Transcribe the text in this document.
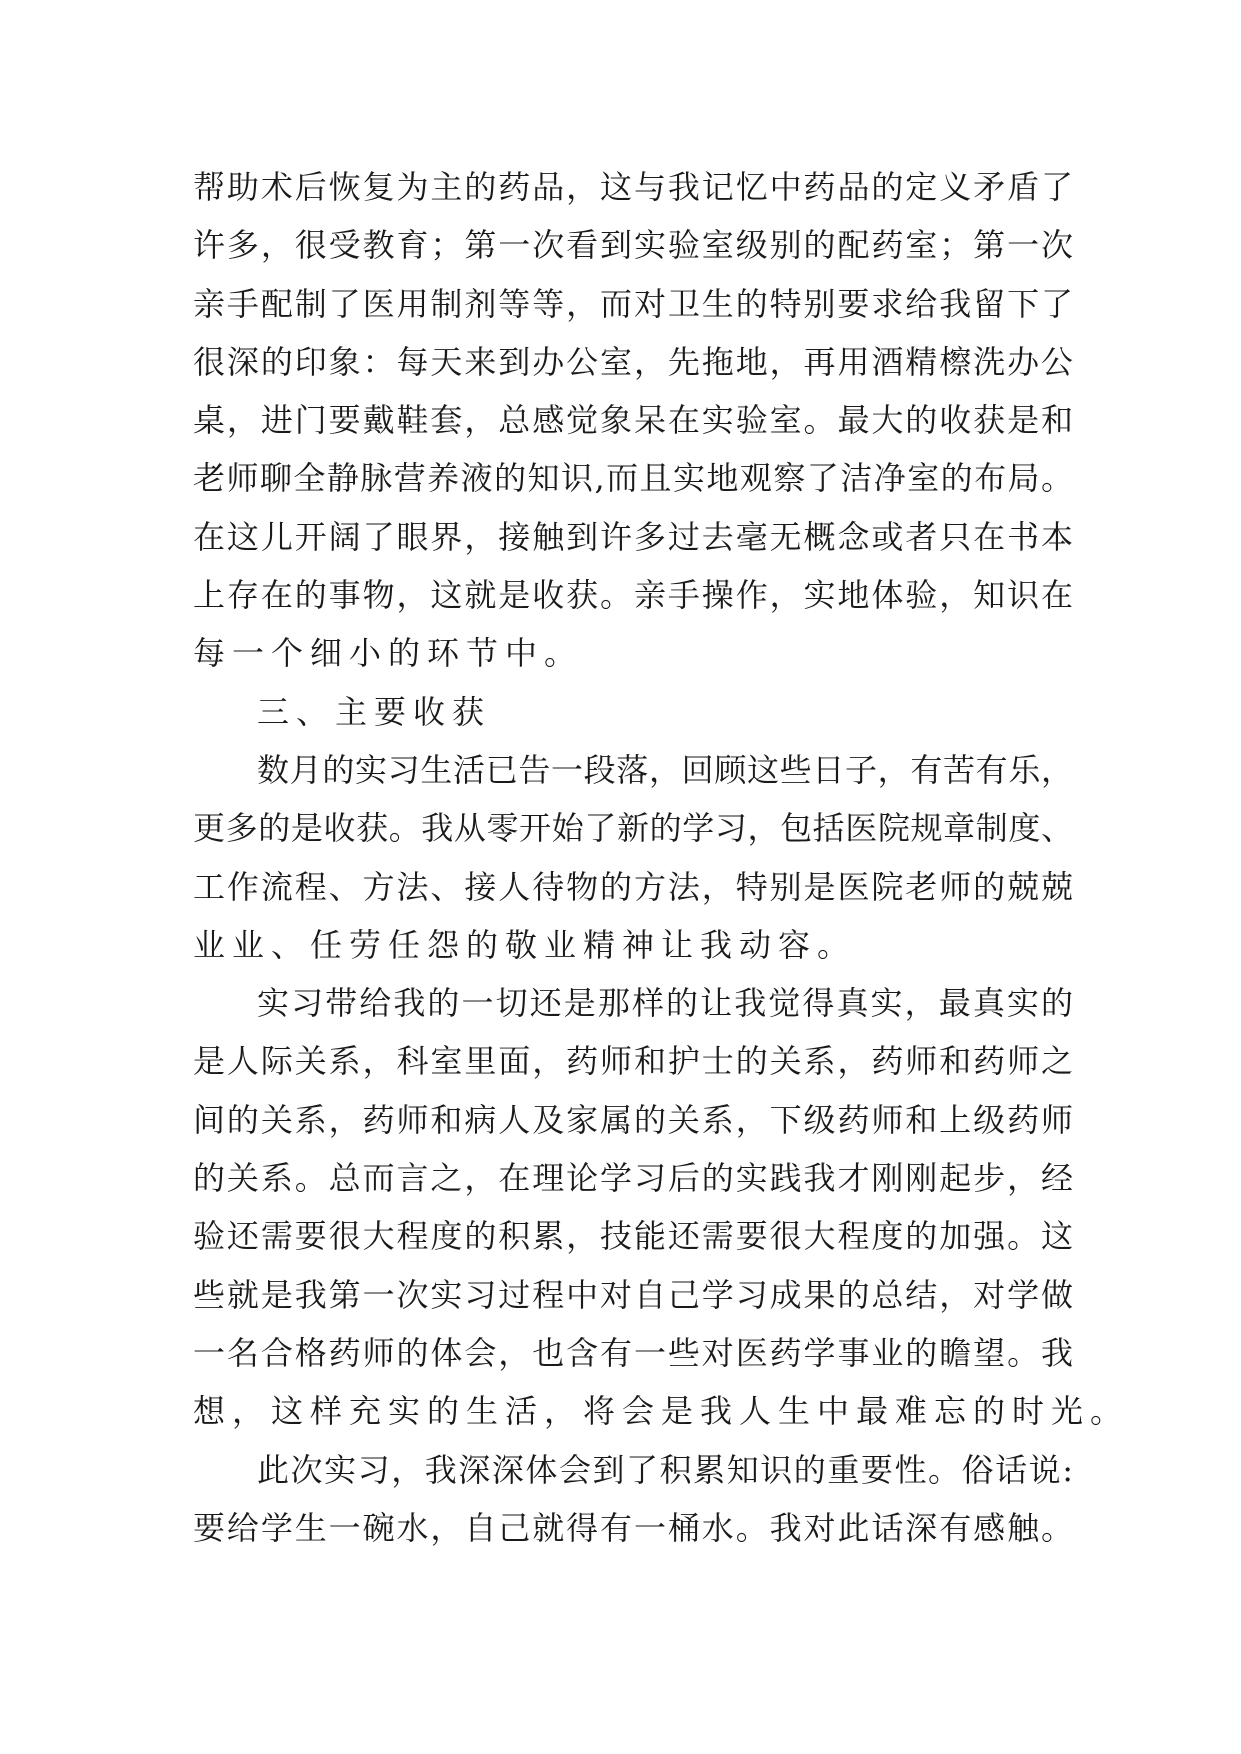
帮助术后恢复为主的药品，这与我记忆中药品的定义矛盾了
许多，很受教育；第一次看到实验室级别的配药室；第一次
亲手配制了医用制剂等等，而对卫生的特别要求给我留下了
很深的印象：每天来到办公室，先拖地，再用酒精檫洗办公
桌，进门要戴鞋套，总感觉象呆在实验室。最大的收获是和
老师聊全静脉营养液的知识,而且实地观察了洁净室的布局。
在这儿开阔了眼界，接触到许多过去毫无概念或者只在书本
上存在的事物，这就是收获。亲手操作，实地体验，知识在
每一个细小的环节中。
三、主要收获
数月的实习生活已告一段落，回顾这些日子，有苦有乐，
更多的是收获。我从零开始了新的学习，包括医院规章制度、
工作流程、方法、接人待物的方法，特别是医院老师的兢兢
业业、任劳任怨的敬业精神让我动容。
实习带给我的一切还是那样的让我觉得真实，最真实的
是人际关系，科室里面，药师和护士的关系，药师和药师之
间的关系，药师和病人及家属的关系，下级药师和上级药师
的关系。总而言之，在理论学习后的实践我才刚刚起步，经
验还需要很大程度的积累，技能还需要很大程度的加强。这
些就是我第一次实习过程中对自己学习成果的总结，对学做
一名合格药师的体会，也含有一些对医药学事业的瞻望。我
想，这样充实的生活，将会是我人生中最难忘的时光。
此次实习，我深深体会到了积累知识的重要性。俗话说:
要给学生一碗水，自己就得有一桶水。我对此话深有感触。
